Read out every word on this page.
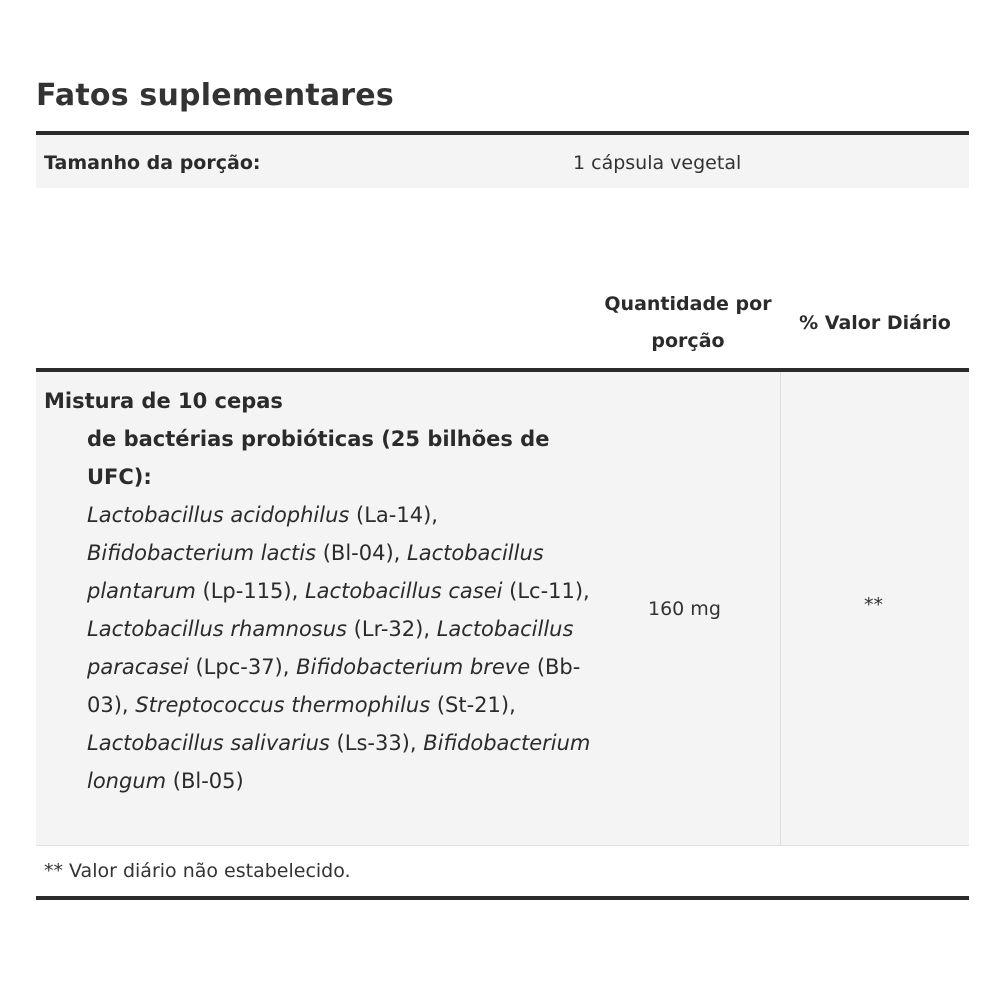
Fatos suplementares
Tamanho da porção:	1 cápsula vegetal
Quantidade por
porção
% Valor Diário
Mistura de 10 cepas
de bactérias probióticas (25 bilhões de UFC):
Lactobacillus acidophilus (La-14), Bifidobacterium lactis (Bl-04), Lactobacillus plantarum (Lp-115), Lactobacillus casei (Lc-11), Lactobacillus rhamnosus (Lr-32), Lactobacillus paracasei (Lpc-37), Bifidobacterium breve (Bb-03), Streptococcus thermophilus (St-21), Lactobacillus salivarius (Ls-33), Bifidobacterium longum (Bl-05)
160 mg	**
** Valor diário não estabelecido.
